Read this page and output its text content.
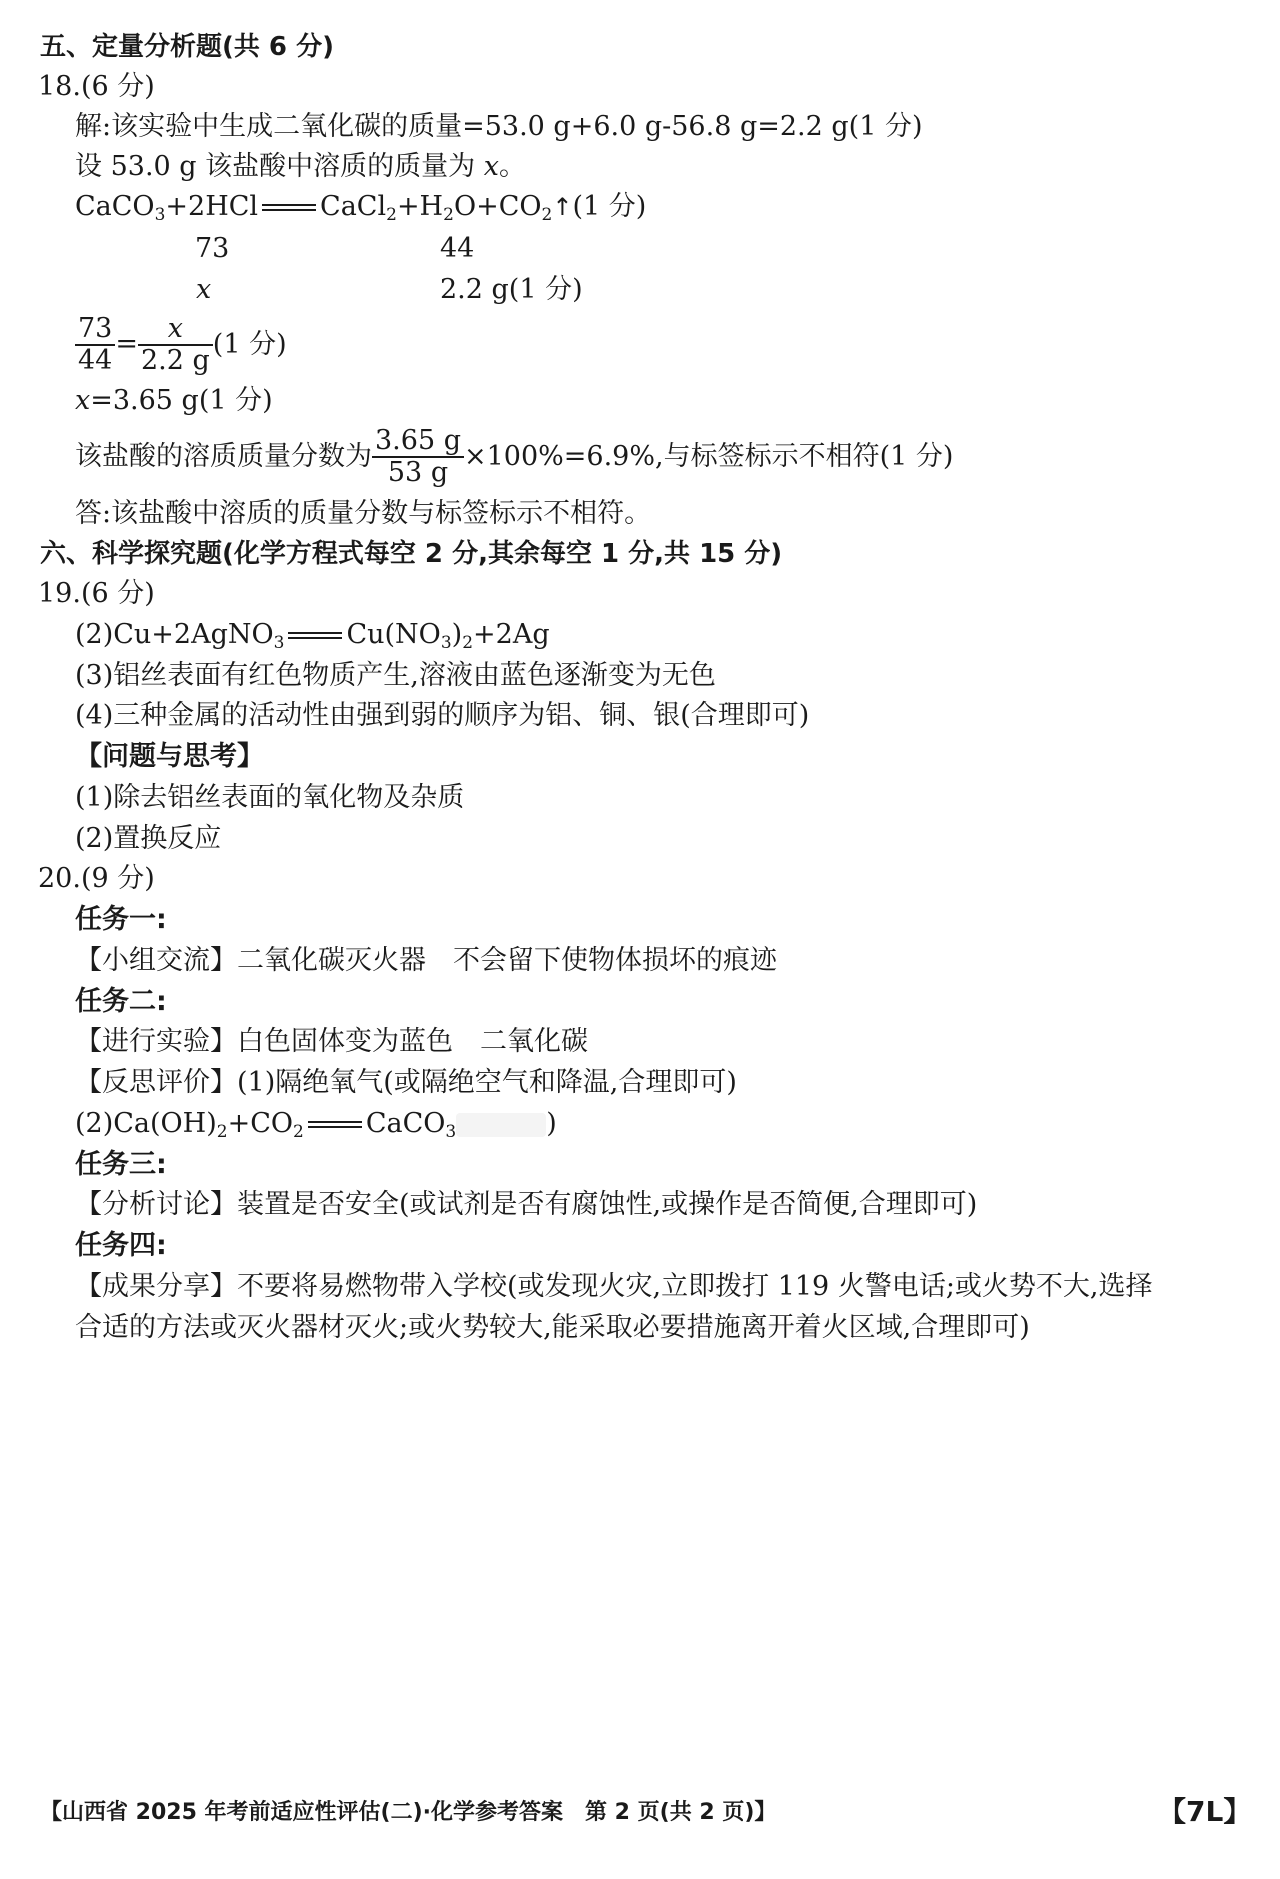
五、定量分析题(共 6 分)
18.(6 分)
解:该实验中生成二氧化碳的质量=53.0 g+6.0 g-56.8 g=2.2 g(1 分)
设 53.0 g 该盐酸中溶质的质量为 x。
CaCO$_3$+2HCl $CaCl_2+H_2O+CO_2↑(1$ 分)
73	44
x	2.2 g(1 分)
$\frac{73}{44} = \frac{x}{2.2 g} (1$ 分)
x=3.65 g(1 分)
该盐酸的溶质质量分数为 $\frac{3.65 g}{53 g} \times 100\%=6.9\%$,与标签标示不相符(1 分)
答:该盐酸中溶质的质量分数与标签标示不相符。
六、科学探究题(化学方程式每空 2 分,其余每空 1 分,共 15 分)
19.(6 分)
(2)Cu+2AgNO$_3$ $Cu(NO_3)_2+2Ag$
(3)铝丝表面有红色物质产生,溶液由蓝色逐渐变为无色
(4)三种金属的活动性由强到弱的顺序为铝、铜、银(合理即可)
【问题与思考】
(1)除去铝丝表面的氧化物及杂质
(2)置换反应
20.(9 分)
任务一:
【小组交流】二氧化碳灭火器　不会留下使物体损坏的痕迹
任务二:
【进行实验】白色固体变为蓝色　二氧化碳
【反思评价】(1)隔绝氧气(或隔绝空气和降温,合理即可)
$(2)Ca(OH)_2+CO_2$ CaCO$_3$	)
任务三:
【分析讨论】装置是否安全(或试剂是否有腐蚀性,或操作是否简便,合理即可)
任务四:
【成果分享】不要将易燃物带入学校(或发现火灾,立即拨打 119 火警电话;或火势不大,选择
合适的方法或灭火器材灭火;或火势较大,能采取必要措施离开着火区域,合理即可)
【山西省 2025 年考前适应性评估(二)·化学参考答案　第 2 页(共 2 页)】	【7L】
